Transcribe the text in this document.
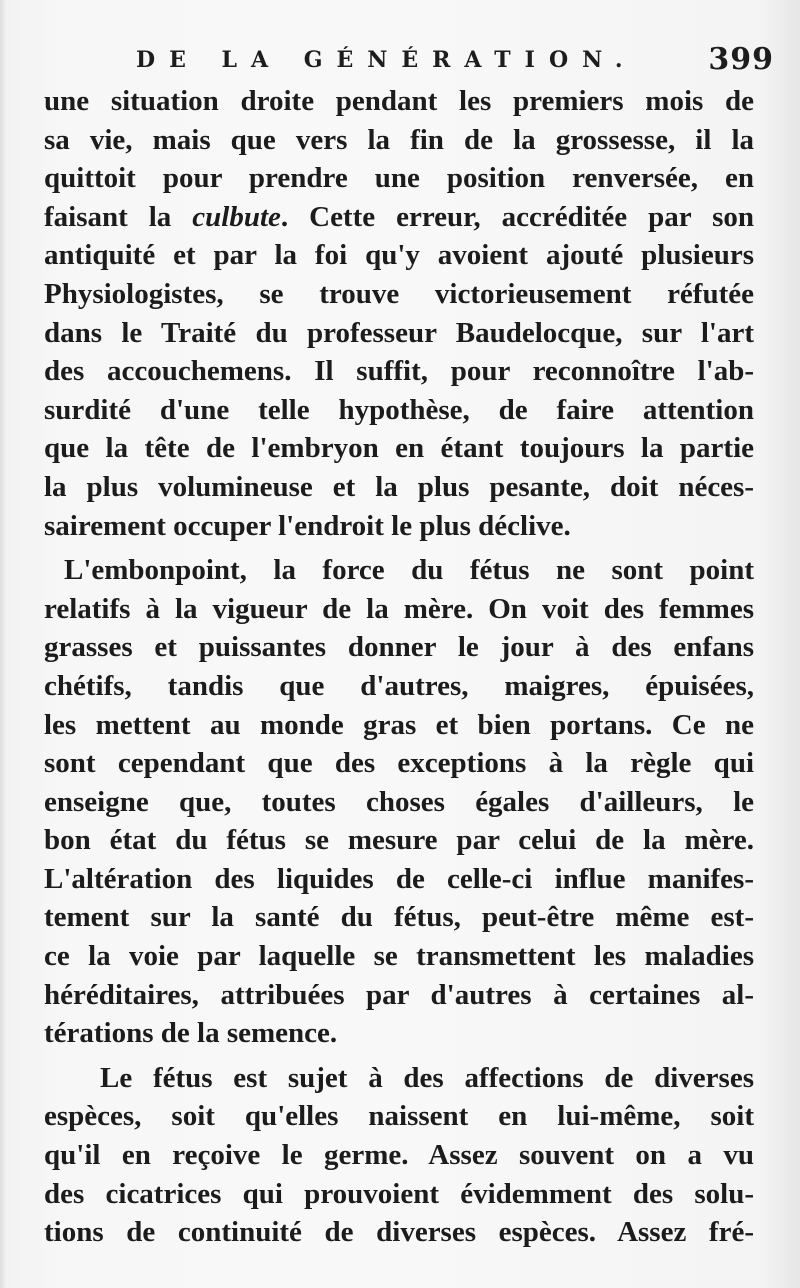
DE LA GÉNÉRATION. 399
une situation droite pendant les premiers mois de
sa vie, mais que vers la fin de la grossesse, il la
quittoit pour prendre une position renversée, en
faisant la culbute. Cette erreur, accréditée par son
antiquité et par la foi qu'y avoient ajouté plusieurs
Physiologistes, se trouve victorieusement réfutée
dans le Traité du professeur Baudelocque, sur l'art
des accouchemens. Il suffit, pour reconnoître l'ab-
surdité d'une telle hypothèse, de faire attention
que la tête de l'embryon en étant toujours la partie
la plus volumineuse et la plus pesante, doit néces-
sairement occuper l'endroit le plus déclive.
L'embonpoint, la force du fétus ne sont point
relatifs à la vigueur de la mère. On voit des femmes
grasses et puissantes donner le jour à des enfans
chétifs, tandis que d'autres, maigres, épuisées,
les mettent au monde gras et bien portans. Ce ne
sont cependant que des exceptions à la règle qui
enseigne que, toutes choses égales d'ailleurs, le
bon état du fétus se mesure par celui de la mère.
L'altération des liquides de celle-ci influe manifes-
tement sur la santé du fétus, peut-être même est-
ce la voie par laquelle se transmettent les maladies
héréditaires, attribuées par d'autres à certaines al-
térations de la semence.
Le fétus est sujet à des affections de diverses
espèces, soit qu'elles naissent en lui-même, soit
qu'il en reçoive le germe. Assez souvent on a vu
des cicatrices qui prouvoient évidemment des solu-
tions de continuité de diverses espèces. Assez fré-
